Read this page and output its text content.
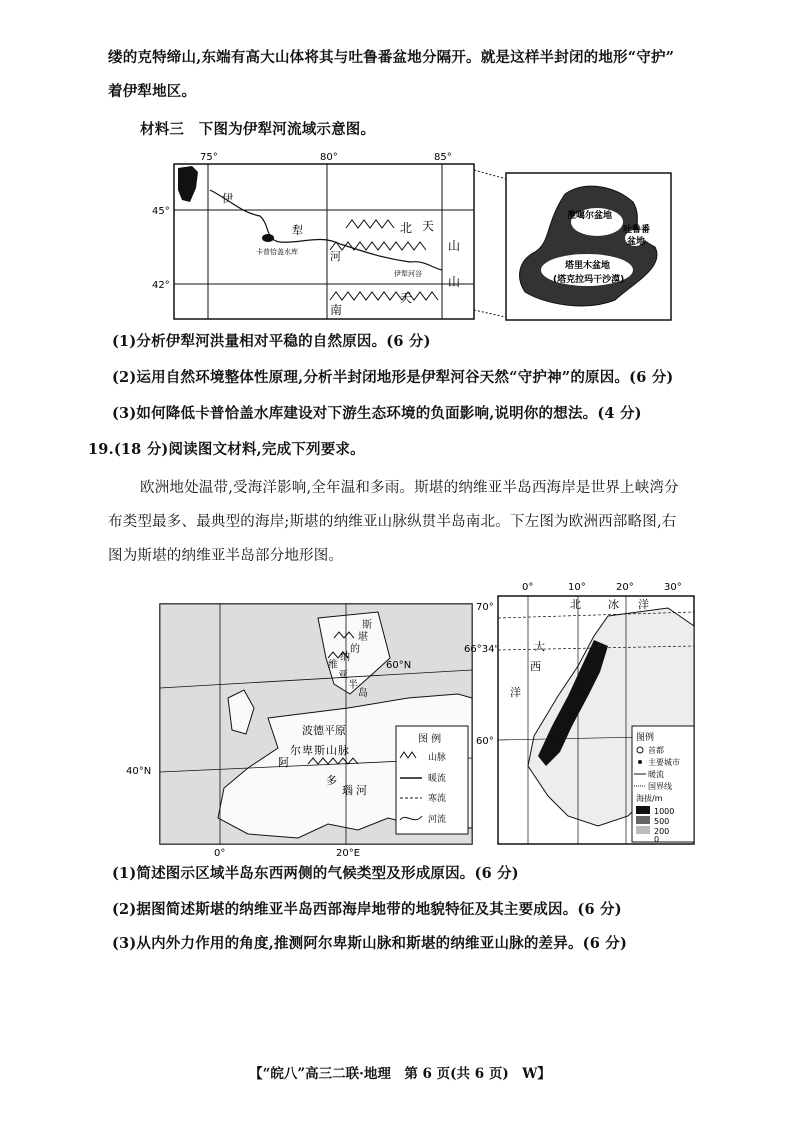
缕的克特缔山,东端有高大山体将其与吐鲁番盆地分隔开。就是这样半封闭的地形“守护”
着伊犁地区。
材料三　下图为伊犁河流域示意图。
75°	80°	85°
45°
42°
伊
犁
河
北 天
山
南
天
山
卡普恰盖水库
伊犁河谷
准噶尔盆地
吐鲁番
盆地
塔里木盆地
(塔克拉玛干沙漠)
(1)分析伊犁河洪量相对平稳的自然原因。(6 分)
(2)运用自然环境整体性原理,分析半封闭地形是伊犁河谷天然“守护神”的原因。(6 分)
(3)如何降低卡普恰盖水库建设对下游生态环境的负面影响,说明你的想法。(4 分)
19.(18 分)阅读图文材料,完成下列要求。
欧洲地处温带,受海洋影响,全年温和多雨。斯堪的纳维亚半岛西海岸是世界上峡湾分
布类型最多、最典型的海岸;斯堪的纳维亚山脉纵贯半岛南北。下左图为欧洲西部略图,右
图为斯堪的纳维亚半岛部分地形图。
60°N
40°N
0°	20°E
斯
堪
的
纳
维
亚
半
岛
波德平原
阿
尔 卑 斯 山 脉
多
瑙 河
图 例
山脉
暖流
寒流
河流
0°	10°	20°	30°
70°
66°34'
60°
北 冰 洋
大
西
洋
图例
首都
主要城市
暖流
国界线
海拔/m
1000
500
200
0
(1)简述图示区域半岛东西两侧的气候类型及形成原因。(6 分)
(2)据图简述斯堪的纳维亚半岛西部海岸地带的地貌特征及其主要成因。(6 分)
(3)从内外力作用的角度,推测阿尔卑斯山脉和斯堪的纳维亚山脉的差异。(6 分)
【“皖八”高三二联·地理　第 6 页(共 6 页)　W】
